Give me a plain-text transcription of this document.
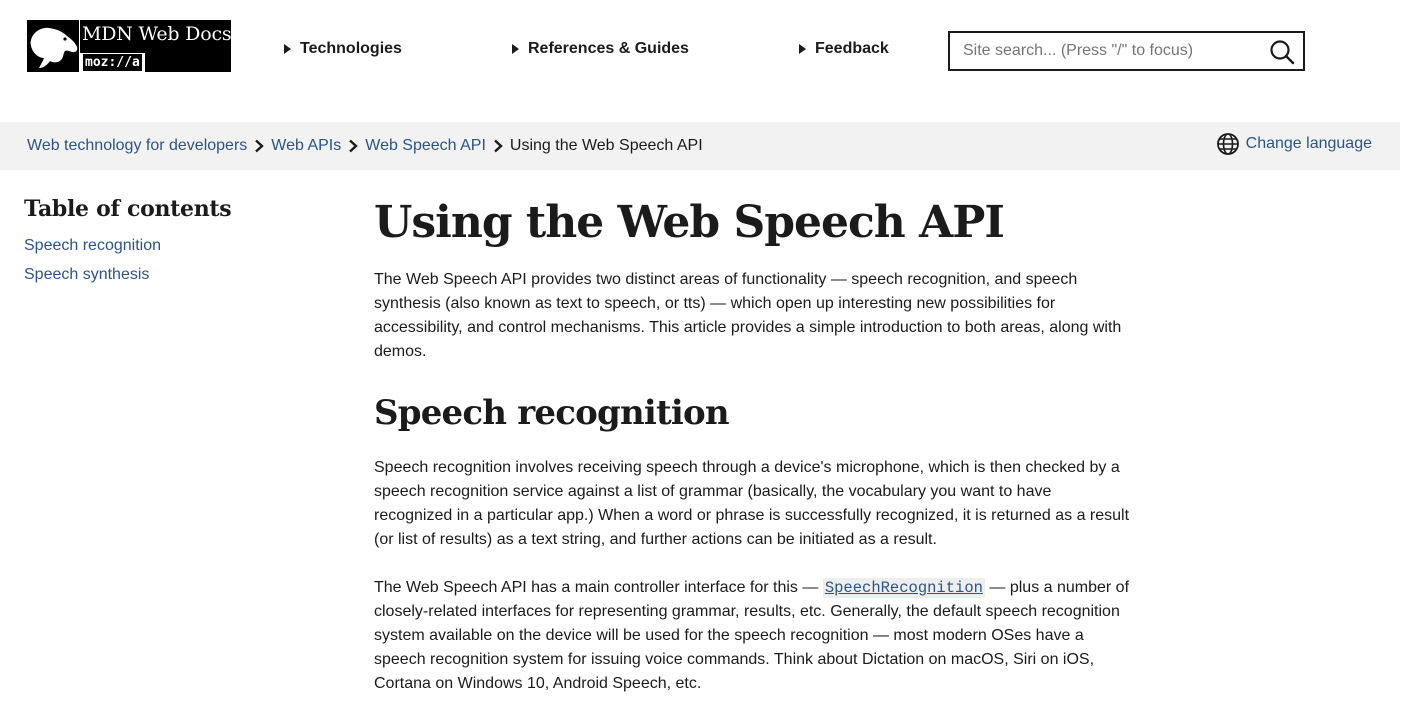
MDN Web Docs
moz://a
Technologies	References & Guides	Feedback
Site search... (Press "/" to focus)
Web technology for developers Web APIs Web Speech API Using the Web Speech API	Change language
Table of contents
Speech recognition
Speech synthesis
Using the Web Speech API

The Web Speech API provides two distinct areas of functionality — speech recognition, and speech synthesis (also known as text to speech, or tts) — which open up interesting new possibilities for accessibility, and control mechanisms. This article provides a simple introduction to both areas, along with demos.

Speech recognition

Speech recognition involves receiving speech through a device's microphone, which is then checked by a speech recognition service against a list of grammar (basically, the vocabulary you want to have recognized in a particular app.) When a word or phrase is successfully recognized, it is returned as a result (or list of results) as a text string, and further actions can be initiated as a result.

The Web Speech API has a main controller interface for this — SpeechRecognition — plus a number of closely-related interfaces for representing grammar, results, etc. Generally, the default speech recognition system available on the device will be used for the speech recognition — most modern OSes have a speech recognition system for issuing voice commands. Think about Dictation on macOS, Siri on iOS, Cortana on Windows 10, Android Speech, etc.
